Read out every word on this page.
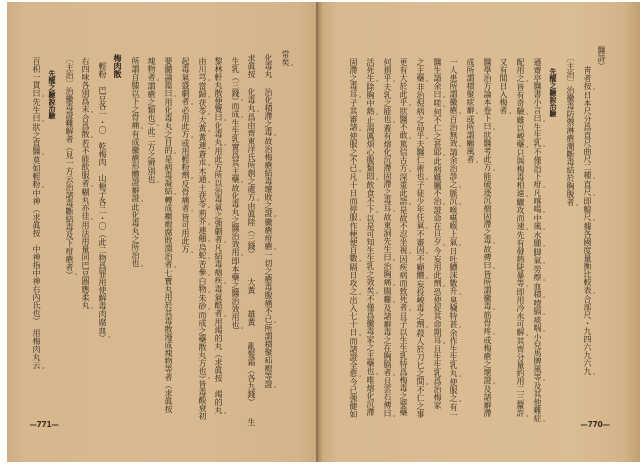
醫詩）
靑者按。日本尺分爲直尺曲尺二種。直尺。即鯨尺。據各國度量衡比較表。合部尺・九四六九六九。
〔主治〕治黴毒防禦淋瘡潮斷毒結於胸腹者。
先醒之驗說治驗
遜齋亭醫書小言曰。生生乳。不僅治下疳。凡喀喝。中風。水腫。脚氣。勞瘵。血積。噎膈。痰喘。小兒馬脾風等。及其他難症。
配用之。皆有奇驗。雖以峻藥。只與梅毒相遠。驟攻而速。先有發熱陡暴等。即用冷水可解。其齊分量約用二三釐許。
又有間日入梅者。
醫學治方論本卷下曰。狀醫考此方。能破逐沉痼固滯之毒。故傳曰。皆所謂黴毒。筋骨疼。或梅瘡之壞證。及諸癖滯
成所謂積聚痃癖。或所謂癩風者。
一人患所謂黴瘡。百治無效。請余治診之。脈沉。喉嚥喉上氣。日吐膿沫數升。臭穢特甚。余作生生乳丸。使服之。有一
醫生請余曰。嗟。何不仁之甚耶。此病雖屬不治。證命在旦夕。今妄用此劑。恐使促其命期耳。且生生乳爲治梅家
之主藥。非治倪病之品乎。夫醫仁術也。子徒少年任氣。不審因。不顧體。妄投峻毒之劑。殺人於刀匕之間。不仁之事
更有大於此乎。狀醫不敢。篤信古方。深重此語。是故不忍坐視。因疾病而致死者。且子以生生乳特爲梅毒之要藥
何損乎。夫乳之能也。蓋有熔化沉滯固滯之毒耳。故東洞先生曰。治胸痛。腸癰。及諸癖毒之在胸膈者。且雲石傳曰。
活死生。除胸中熱。止渴厲煩心腹類悶。飲食不下。以是可知生生乳之效矣。不僅爲黴毒家之主藥也。唯熔化沉滯
固滯之毒耳。子其審諸。使服之不已。凡十日而停服。作梗便自數。隔日攻之。出入七十日。而諸證全愈。今已強健如
—770—
常矣。
化毒丸
治化積滯之毒。故治梅瘡結毒壞敗之證。黴瘡疳瘡。一切之瘡毒腹痛不已。所謂積聚疝瘕等證。
求眞按
化毒丸。爲由齊東洋氏所創之處方。由眞陸（三錢）　　　大黃　　雄黃　　亂髮霜（各九錢）　　生
生乳（三錢）。而成。生生乳實爲其主藥。故化毒丸之醫治效用。即本藥之醫治效用也。
黎林軒丸散便覽曰。化毒丸。用此方所以治毒氣之強劇者。凡結毒痼疾。毒氣酷者。用竭的丸（求眞按　竭的丸。
由川芎。當歸。茯苓。大黃。黃連。蒼朮。木通。土茯苓。荊芥。連翹。烏蛇。苦參。白物。朱砂。而成之藥散丸方也）。皆毒酸衰初
起毒氣盛劇者。必用此方。或用輕粉劑。反骨痛者。皆可用此方。
要髓論篇曰。用化毒丸之目的。是病毒凝結。轉成癥瘕腐敗潰治者。七寶丸用於其毒散漫成塊物等者（求眞按
塊物者。謂瘡之類也）。此二方之辨別也。
所謂自膝以下之骨痛。有成黴瘡形體證癖證。此化毒丸之所治也。
梅肉散
輕粉　巴豆各一・〇　乾梅肉　山梔子各二・〇（此二物爲罪用使解毒肉腐血）。
右四味各別爲末。合爲散。若不能飲服者。糊丸亦佳。用法用量同巴豆圓應柔丸。
〔主治〕治黴毒證難解者（見一方云治諸毒斷結毒及下疳瘡者）。
先醒之驗說治驗
百枳一貫曰。先生曰。狀之直醫。莫如輕粉。中神（求眞按　中神指中神右內氏也）　用梅肉丸云。
—771—
